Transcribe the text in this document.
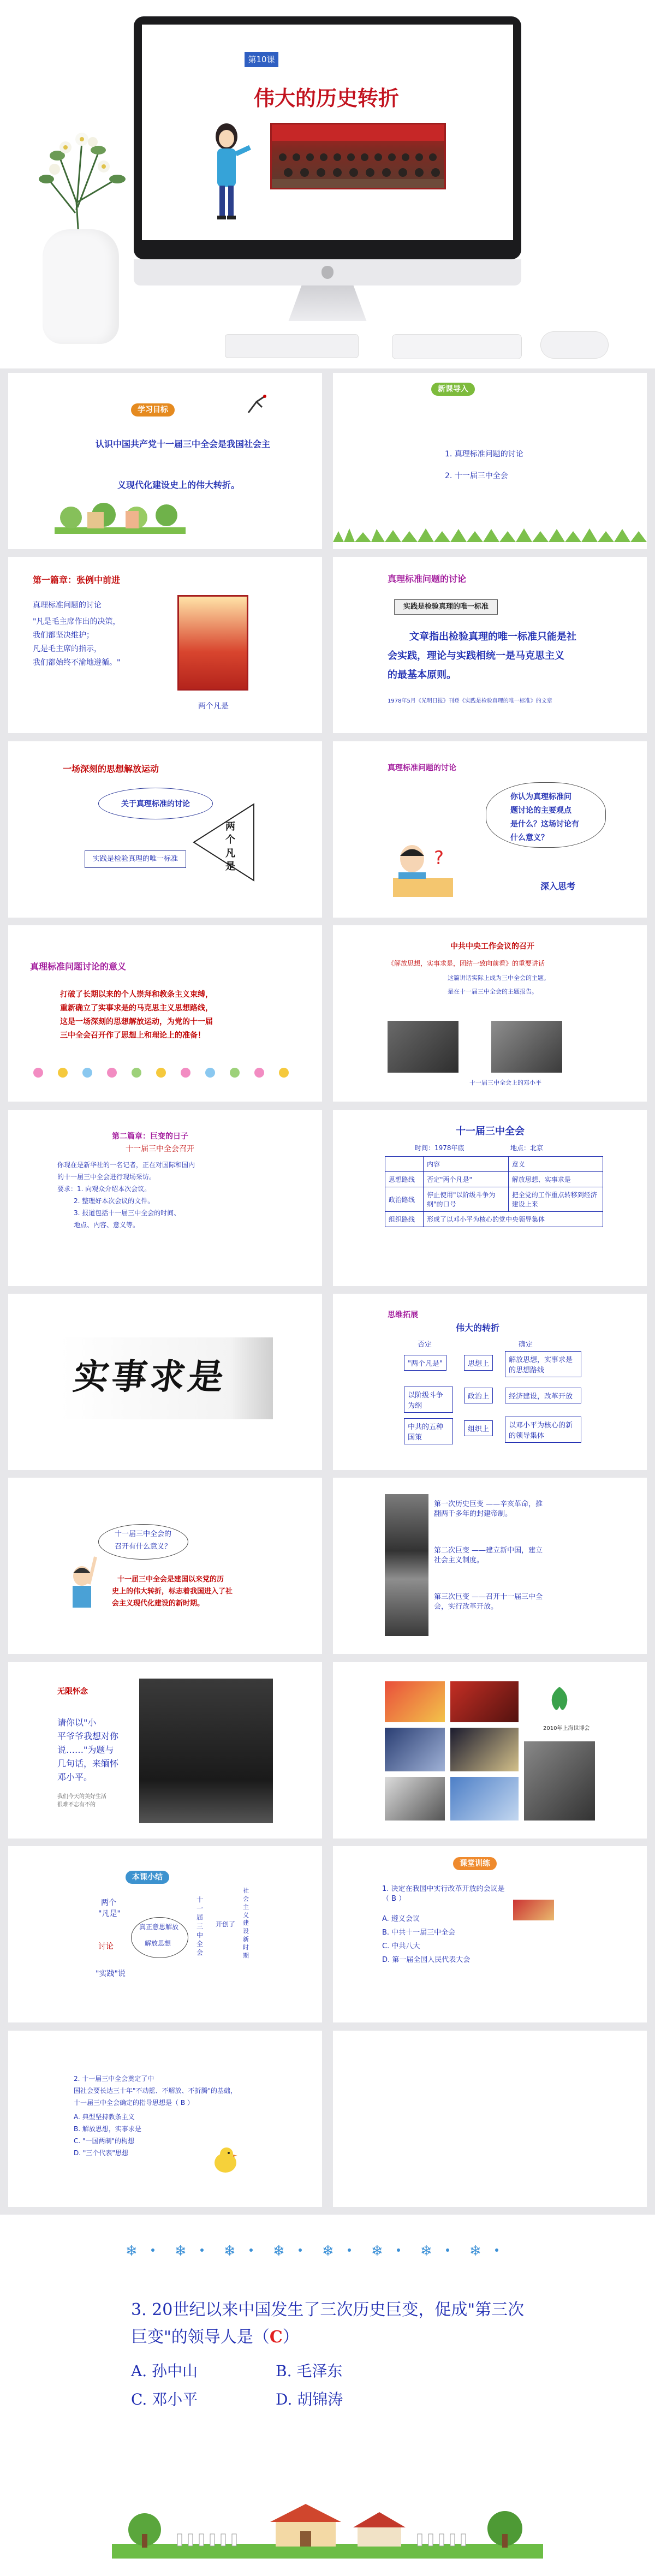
第10课
伟大的历史转折
学习目标
认识中国共产党十一届三中全会是我国社会主
义现代化建设史上的伟大转折。
新课导入
1. 真理标准问题的讨论
2. 十一届三中全会
第一篇章：张例中前进
真理标准问题的讨论
"凡是毛主席作出的决策，
我们都坚决维护；
凡是毛主席的指示，
我们都始终不渝地遵循。"
两个凡是
真理标准问题的讨论
实践是检验真理的唯一标准
文章指出检验真理的唯一标准只能是社
会实践，理论与实践相统一是马克思主义
的最基本原则。
1978年5月《光明日报》刊登《实践是检验真理的唯一标准》的文章
一场深刻的思想解放运动
关于真理标准的讨论
实践是检验真理的唯一标准
两个凡是
真理标准问题的讨论
你认为真理标准问
题讨论的主要观点
是什么？这场讨论有
什么意义？
?
深入思考
真理标准问题讨论的意义
打破了长期以来的个人崇拜和教条主义束缚，
重新确立了实事求是的马克思主义思想路线，
这是一场深刻的思想解放运动，为党的十一届
三中全会召开作了思想上和理论上的准备！
中共中央工作会议的召开
《解放思想，实事求是，团结一致向前看》的重要讲话
这篇讲话实际上成为三中全会的主题。
是在十一届三中全会的主题报告。
十一届三中全会上的邓小平
第二篇章：巨变的日子
十一届三中全会召开
你现在是新华社的一名记者，正在对国际和国内
的十一届三中全会进行现场采访。
要求：1. 向观众介绍本次会议。
2. 整理好本次会议的文件。
3. 报道包括十一届三中全会的时间、
地点、内容、意义等。
十一届三中全会
时间：1978年底	地点：北京
	内容	意义
思想路线	否定"两个凡是"	解放思想、实事求是
政治路线	停止使用"以阶级斗争为纲"的口号	把全党的工作重点转移到经济建设上来
组织路线	形成了以邓小平为核心的党中央领导集体	
实事求是
思维拓展
伟大的转折
否定	确定
"两个凡是"
以阶级斗争为纲
中共的五种国策
思想上
政治上
组织上
解放思想，实事求是的思想路线
经济建设，改革开放
以邓小平为核心的新的领导集体
十一届三中全会的
召开有什么意义？
十一届三中全会是建国以来党的历
史上的伟大转折，标志着我国进入了社
会主义现代化建设的新时期。
第一次历史巨变 ——辛亥革命，推翻两千多年的封建帝制。
第二次巨变 ——建立新中国，建立社会主义制度。
第三次巨变 ——召开十一届三中全会，实行改革开放。
无限怀念
请你以"小
平爷爷我想对你
说……"为题与
几句话，来缅怀
邓小平。
我们今天的美好生活
很难不忘有不的
2010年上海世博会
本课小结
两个
"凡是"
讨论
"实践"说
真正意思解放
解放思想
十一届三中全会
开创了
社会主义建设新时期
课堂训练
1. 决定在我国中实行改革开放的会议是（ B ）
A. 遵义会议
B. 中共十一届三中全会
C. 中共八大
D. 第一届全国人民代表大会
2. 十一届三中全会奠定了中
国社会要长达三十年"不动摇、不解放、不折腾"的基础，
十一届三中全会确定的指导思想是（ B ）
A. 典型坚持教条主义
B. 解放思想，实事求是
C. "一国两制"的构想
D. "三个代表"思想
❄	❄	❄	❄	❄	❄	❄	❄
3. 20世纪以来中国发生了三次历史巨变，促成"第三次
巨变"的领导人是（C）
A. 孙中山	B. 毛泽东
C. 邓小平	D. 胡锦涛
